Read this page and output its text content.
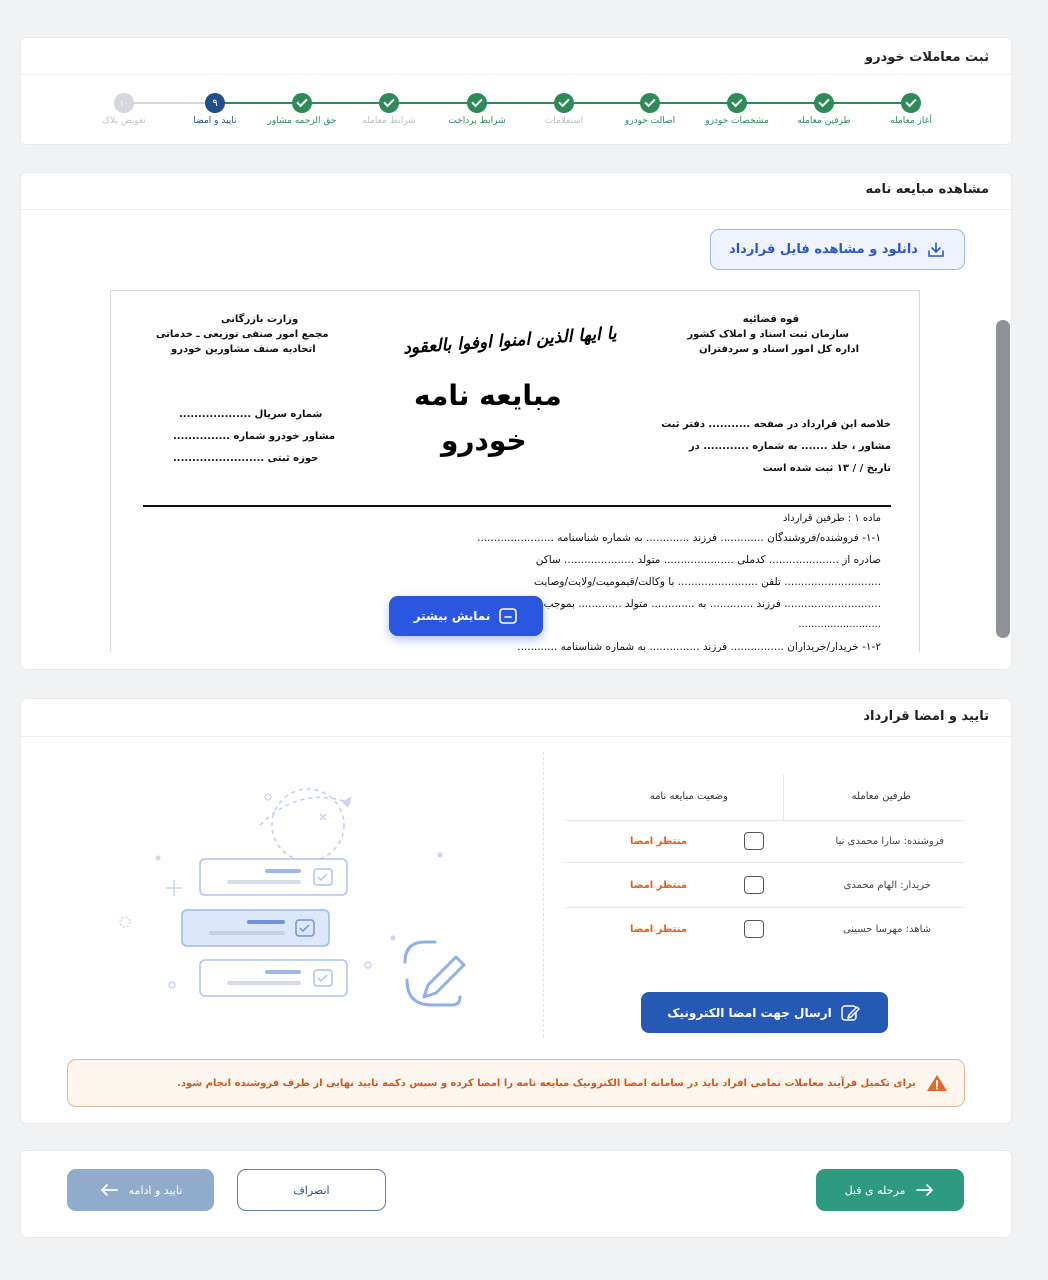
ثبت معاملات خودرو
آغاز معامله
طرفین معامله
مشخصات خودرو
اصالت خودرو
استعلامات
شرایط پرداخت
شرایط معامله
حق الزحمه مشاور
۹
تایید و امضا
۱۰
تعویض پلاک
مشاهده مبایعه نامه
دانلود و مشاهده فایل قرارداد
قوه قضائیه
سازمان ثبت اسناد و املاک کشور
اداره کل امور اسناد و سردفتران
وزارت بازرگانی
مجمع امور صنفی توزیعی ـ خدماتی
اتحادیه صنف مشاورین خودرو	یا ایها الذین امنوا اوفوا بالعقود
مبایعه نامه
خودرو	خلاصه این قرارداد در صفحه ........... دفتر ثبت
مشاور ، جلد ....... به شماره ............ در
تاریخ / / ۱۳ ثبت شده است
شماره سریال ...................
مشاور خودرو شماره ...............
حوزه ثبتی ........................
ماده ۱ : طرفین قرارداد
۱-۱- فروشنده/فروشندگان ............. فرزند ............. به شماره شناسنامه .......................
صادره از ..................... کدملی ..................... متولد ..................... ساکن
............................. تلفن ........................ با وکالت/قیمومیت/ولایت/وصایت
............................. فرزند ............. به ............. متولد ............. بموجب
..........................
۱-۲- خریدار/خریداران ................ فرزند ............... به شماره شناسنامه ............
نمایش بیشتر
تایید و امضا قرارداد
طرفین معامله
وضعیت مبایعه نامه
فروشنده: سارا محمدی نیا
منتظر امضا
خریدار: الهام محمدی
منتظر امضا
شاهد: مهرسا حسینی
منتظر امضا
ارسال جهت امضا الکترونیک
برای تکمیل فرآیند معاملات تمامی افراد باید در سامانه امضا الکترونیک مبایعه نامه را امضا کرده و سپس دکمه تایید نهایی از طرف فروشنده انجام شود.
مرحله ی قبل
انصراف
تایید و ادامه
